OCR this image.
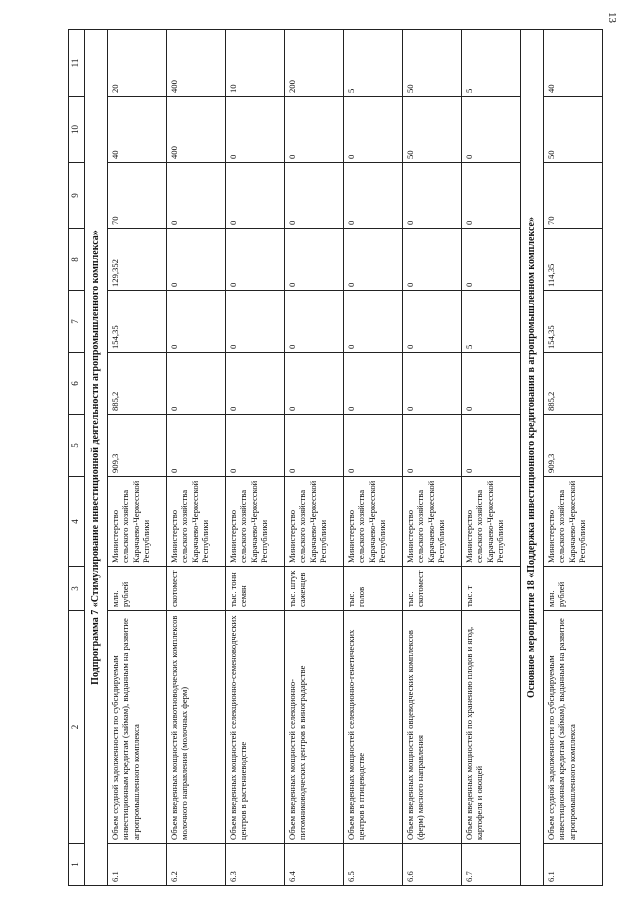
13
1	2	3	4	5	6	7	8	9	10	11
Подпрограмма 7 «Стимулирование инвестиционной деятельности агропромышленного комплекса»										
6.1	Объем ссудной задолженности по субсидируемым инвестиционным кредитам (займам), выданным на развитие агропромышленного комплекса	млн. рублей	Министерство сельского хозяйства Карачаево-Черкесской Республики	909,3	885,2	154,35	129,352	70	40	20
6.2	Объем введенных мощностей животноводческих комплексов молочного направления (молочных ферм)	скотомест	Министерство сельского хозяйства Карачаево-Черкесской Республики	0	0	0	0	0	400	400
6.3	Объем введенных мощностей селекционно-семеноводческих центров в растениеводстве	тыс. тонн семян	Министерство сельского хозяйства Карачаево-Черкесской Республики	0	0	0	0	0	0	10
6.4	Объем введенных мощностей селекционно-питомниководческих центров в виноградарстве	тыс. штук саженцев	Министерство сельского хозяйства Карачаево-Черкесской Республики	0	0	0	0	0	0	200
6.5	Объем введенных мощностей селекционно-генетических центров в птицеводстве	тыс. голов	Министерство сельского хозяйства Карачаево-Черкесской Республики	0	0	0	0	0	0	5
6.6	Объем введенных мощностей овцеводческих комплексов (ферм) мясного направления	тыс. скотомест	Министерство сельского хозяйства Карачаево-Черкесской Республики	0	0	0	0	0	50	50
6.7	Объем введенных мощностей по хранению плодов и ягод, картофеля и овощей	тыс. т	Министерство сельского хозяйства Карачаево-Черкесской Республики	0	0	5	0	0	0	5
Основное мероприятие 18 «Поддержка инвестиционного кредитования в агропромышленном комплексе»										
6.1	Объем ссудной задолженности по субсидируемым инвестиционным кредитам (займам), выданным на развитие агропромышленного комплекса	млн. рублей	Министерство сельского хозяйства Карачаево-Черкесской Республики	909,3	885,2	154,35	114,35	70	50	40
